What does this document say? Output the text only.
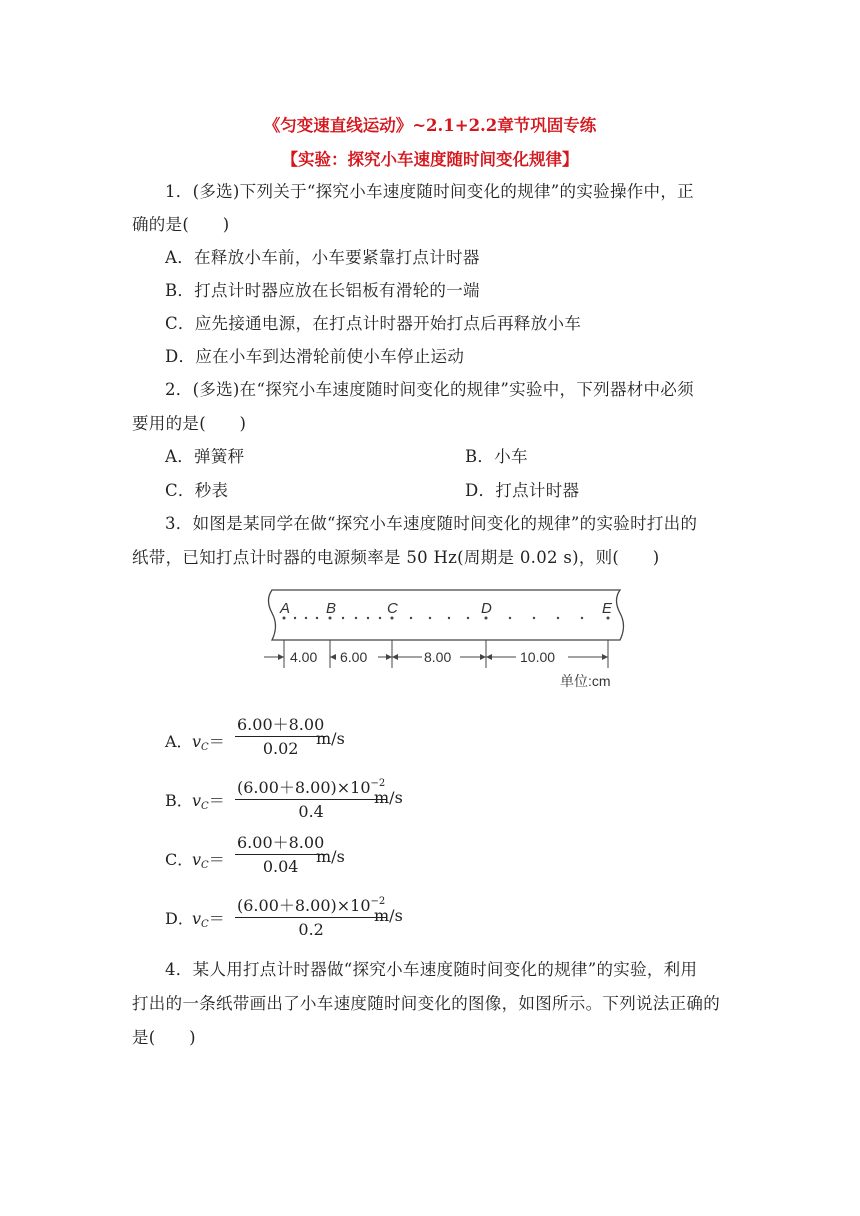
《匀变速直线运动》~2.1+2.2章节巩固专练
【实验：探究小车速度随时间变化规律】
1．(多选)下列关于“探究小车速度随时间变化的规律”的实验操作中，正
确的是(　　)
A．在释放小车前，小车要紧靠打点计时器
B．打点计时器应放在长铝板有滑轮的一端
C．应先接通电源，在打点计时器开始打点后再释放小车
D．应在小车到达滑轮前使小车停止运动
2．(多选)在“探究小车速度随时间变化的规律”实验中，下列器材中必须
要用的是(　　)
A．弹簧秤	B．小车
C．秒表	D．打点计时器
3．如图是某同学在做“探究小车速度随时间变化的规律”的实验时打出的
纸带，已知打点计时器的电源频率是 50 Hz(周期是 0.02 s)，则(　　)
A B	C	D	E
4.00 6.00	8.00	10.00
单位:cm
A． $v_C=$
6.00＋8.00
0.02
m/s
B． $v_C=$
$(6.00+8.00)\times 10^{-2}$
0.4
m/s
C．
$v_C=$
6.00＋8.00
0.04
m/s
D．
$v_C=$
$(6.00+8.00)\times 10^{-2}$
0.2
m/s
4．某人用打点计时器做“探究小车速度随时间变化的规律”的实验，利用
打出的一条纸带画出了小车速度随时间变化的图像，如图所示。下列说法正确的
是(　　)
